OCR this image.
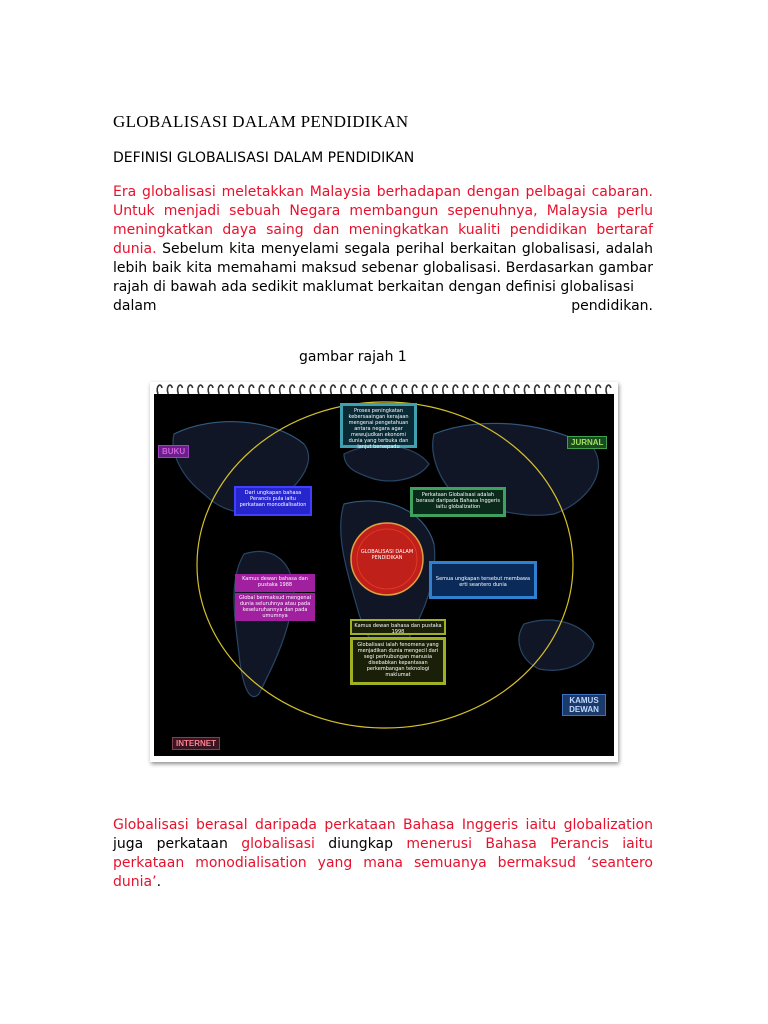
GLOBALISASI DALAM PENDIDIKAN
DEFINISI GLOBALISASI DALAM PENDIDIKAN
Era globalisasi meletakkan Malaysia berhadapan dengan pelbagai cabaran. Untuk menjadi sebuah Negara membangun sepenuhnya, Malaysia perlu meningkatkan daya saing dan meningkatkan kualiti pendidikan bertaraf dunia. Sebelum kita menyelami segala perihal berkaitan globalisasi, adalah lebih baik kita memahami maksud sebenar globalisasi. Berdasarkan gambar rajah di bawah ada sedikit maklumat berkaitan dengan definisi globalisasi
dalam	pendidikan.
gambar rajah 1
GLOBALISASI DALAM PENDIDIKAN
BUKU
JURNAL
KAMUS DEWAN
INTERNET
Proses peningkatan kebersaaingan kerajaan mengenai pengetahuan antara negara agar mewujudkan ekonomi dunia yang terbuka dan lanjut bersepadu
Dari ungkapan bahasa Perancis pula iaitu perkataan monodialisation
Perkataan Globalisasi adalah berasal daripada Bahasa Inggeris iaitu globalization
Semua ungkapan tersebut membawa erti seantero dunia
Kamus dewan bahasa dan pustaka 1988
Global bermaksud mengenai dunia seluruhnya atau pada keseluruhannya dan pada umumnya
Kamus dewan bahasa dan pustaka 1998
Globalisasi ialah fenomena yang menjadikan dunia mengecil dari segi perhubungan manusia disebabkan kepantasan perkembangan teknologi maklumat
Globalisasi berasal daripada perkataan Bahasa Inggeris iaitu globalization juga perkataan globalisasi diungkap menerusi Bahasa Perancis iaitu perkataan monodialisation yang mana semuanya bermaksud ‘seantero dunia’.
